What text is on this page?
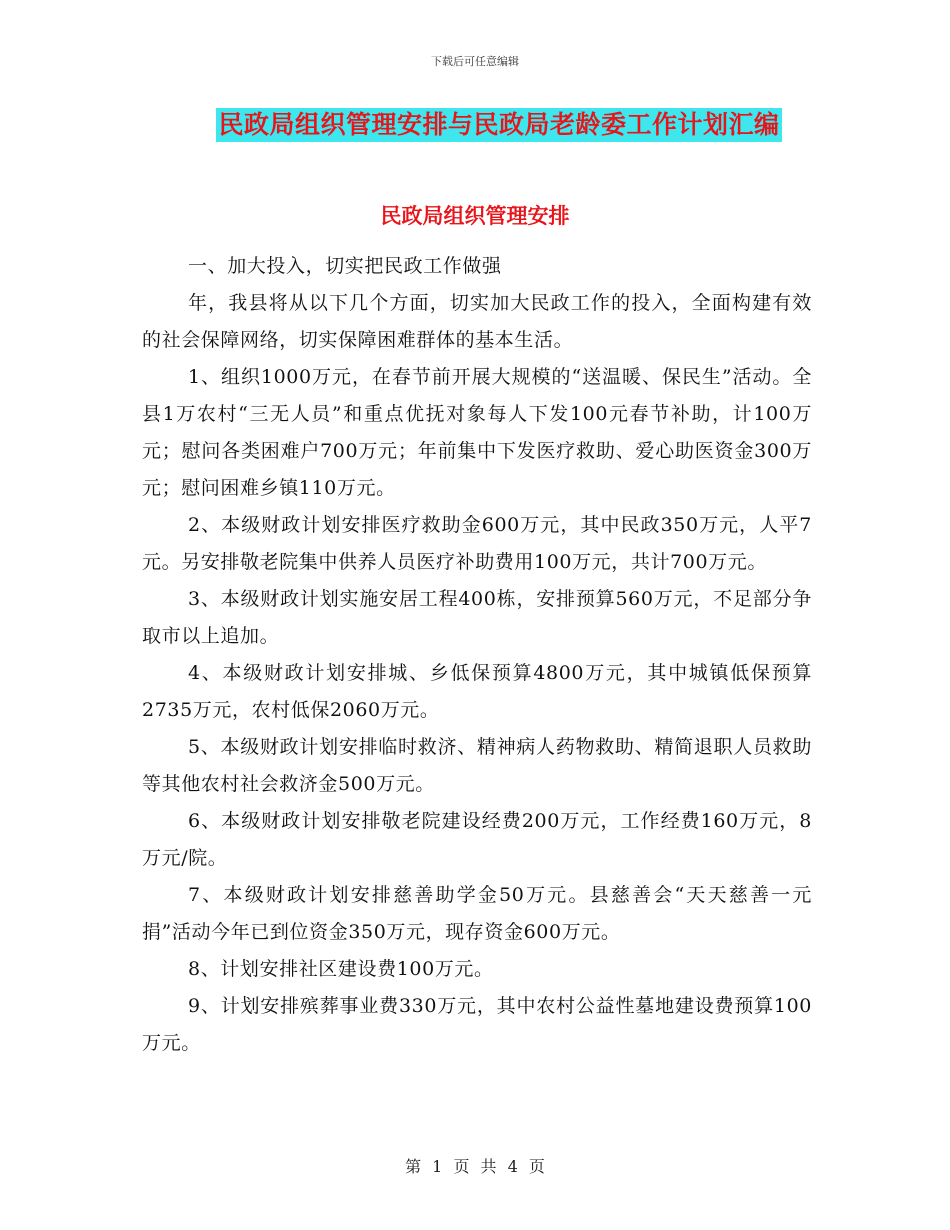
下载后可任意编辑
民政局组织管理安排与民政局老龄委工作计划汇编
民政局组织管理安排

一、加大投入，切实把民政工作做强

年，我县将从以下几个方面，切实加大民政工作的投入，全面构建有效的社会保障网络，切实保障困难群体的基本生活。

1、组织1000万元，在春节前开展大规模的“送温暖、保民生”活动。全县1万农村“三无人员”和重点优抚对象每人下发100元春节补助，计100万元；慰问各类困难户700万元；年前集中下发医疗救助、爱心助医资金300万元；慰问困难乡镇110万元。

2、本级财政计划安排医疗救助金600万元，其中民政350万元，人平7元。另安排敬老院集中供养人员医疗补助费用100万元，共计700万元。

3、本级财政计划实施安居工程400栋，安排预算560万元，不足部分争取市以上追加。

4、本级财政计划安排城、乡低保预算4800万元，其中城镇低保预算2735万元，农村低保2060万元。

5、本级财政计划安排临时救济、精神病人药物救助、精简退职人员救助等其他农村社会救济金500万元。

6、本级财政计划安排敬老院建设经费200万元，工作经费160万元，8万元/院。

7、本级财政计划安排慈善助学金50万元。县慈善会“天天慈善一元捐”活动今年已到位资金350万元，现存资金600万元。

8、计划安排社区建设费100万元。

9、计划安排殡葬事业费330万元，其中农村公益性墓地建设费预算100万元。

第 1 页 共 4 页
